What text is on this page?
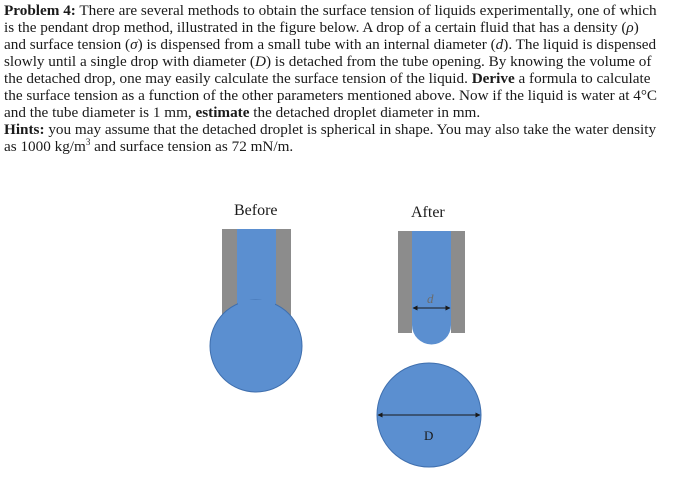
Problem 4: There are several methods to obtain the surface tension of liquids experimentally, one of which
is the pendant drop method, illustrated in the figure below. A drop of a certain fluid that has a density (ρ)
and surface tension (σ) is dispensed from a small tube with an internal diameter (d). The liquid is dispensed
slowly until a single drop with diameter (D) is detached from the tube opening. By knowing the volume of
the detached drop, one may easily calculate the surface tension of the liquid. Derive a formula to calculate
the surface tension as a function of the other parameters mentioned above. Now if the liquid is water at 4°C
and the tube diameter is 1 mm, estimate the detached droplet diameter in mm.
Hints: you may assume that the detached droplet is spherical in shape. You may also take the water density
as 1000 $kg/m^3$ and surface tension as 72 mN/m.
Before	After
d
D
